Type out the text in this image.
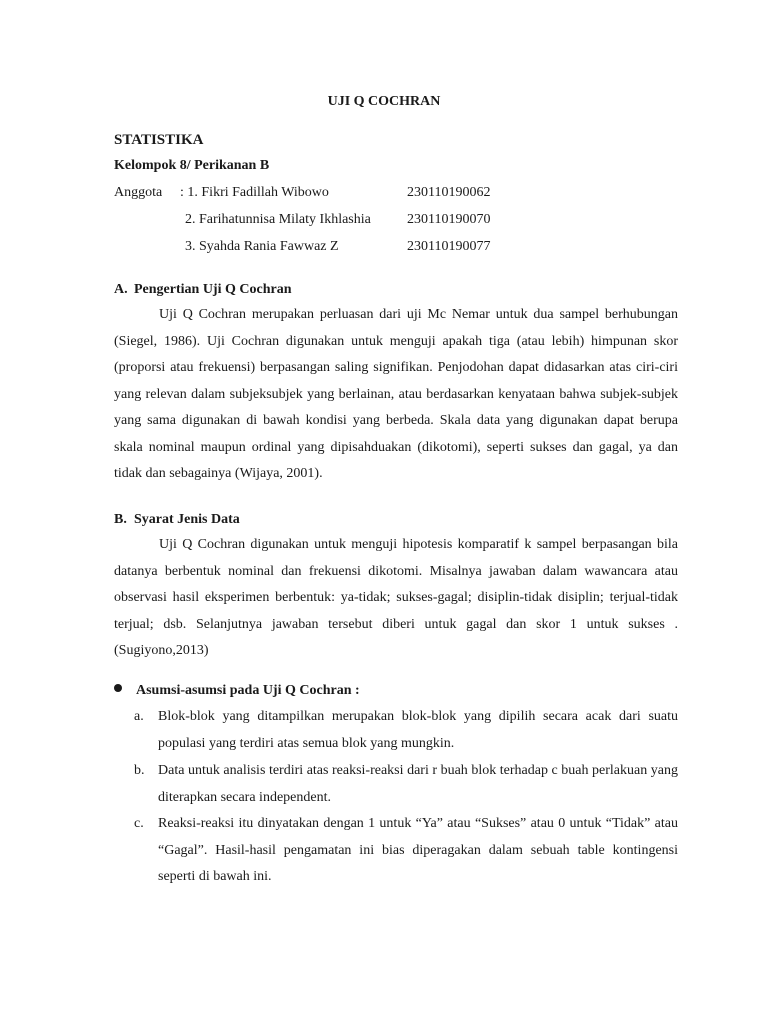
UJI Q COCHRAN
STATISTIKA
Kelompok 8/ Perikanan B
Anggota : 1. Fikri Fadillah Wibowo	230110190062
2. Farihatunnisa Milaty Ikhlashia	230110190070
3. Syahda Rania Fawwaz Z	230110190077
A. Pengertian Uji Q Cochran

Uji Q Cochran merupakan perluasan dari uji Mc Nemar untuk dua sampel berhubungan (Siegel, 1986). Uji Cochran digunakan untuk menguji apakah tiga (atau lebih) himpunan skor (proporsi atau frekuensi) berpasangan saling signifikan. Penjodohan dapat didasarkan atas ciri-ciri yang relevan dalam subjeksubjek yang berlainan, atau berdasarkan kenyataan bahwa subjek-subjek yang sama digunakan di bawah kondisi yang berbeda. Skala data yang digunakan dapat berupa skala nominal maupun ordinal yang dipisahduakan (dikotomi), seperti sukses dan gagal, ya dan tidak dan sebagainya (Wijaya, 2001).

B. Syarat Jenis Data

Uji Q Cochran digunakan untuk menguji hipotesis komparatif k sampel berpasangan bila datanya berbentuk nominal dan frekuensi dikotomi. Misalnya jawaban dalam wawancara atau observasi hasil eksperimen berbentuk: ya-tidak; sukses-gagal; disiplin-tidak disiplin; terjual-tidak terjual; dsb. Selanjutnya jawaban tersebut diberi untuk gagal dan skor 1 untuk sukses . (Sugiyono,2013)

Asumsi-asumsi pada Uji Q Cochran :
a.	Blok-blok yang ditampilkan merupakan blok-blok yang dipilih secara acak dari suatu populasi yang terdiri atas semua blok yang mungkin.
b. Data untuk analisis terdiri atas reaksi-reaksi dari r buah blok terhadap c buah perlakuan yang diterapkan secara independent.
c.	Reaksi-reaksi itu dinyatakan dengan 1 untuk “Ya” atau “Sukses” atau 0 untuk “Tidak” atau “Gagal”. Hasil-hasil pengamatan ini bias diperagakan dalam sebuah table kontingensi seperti di bawah ini.
